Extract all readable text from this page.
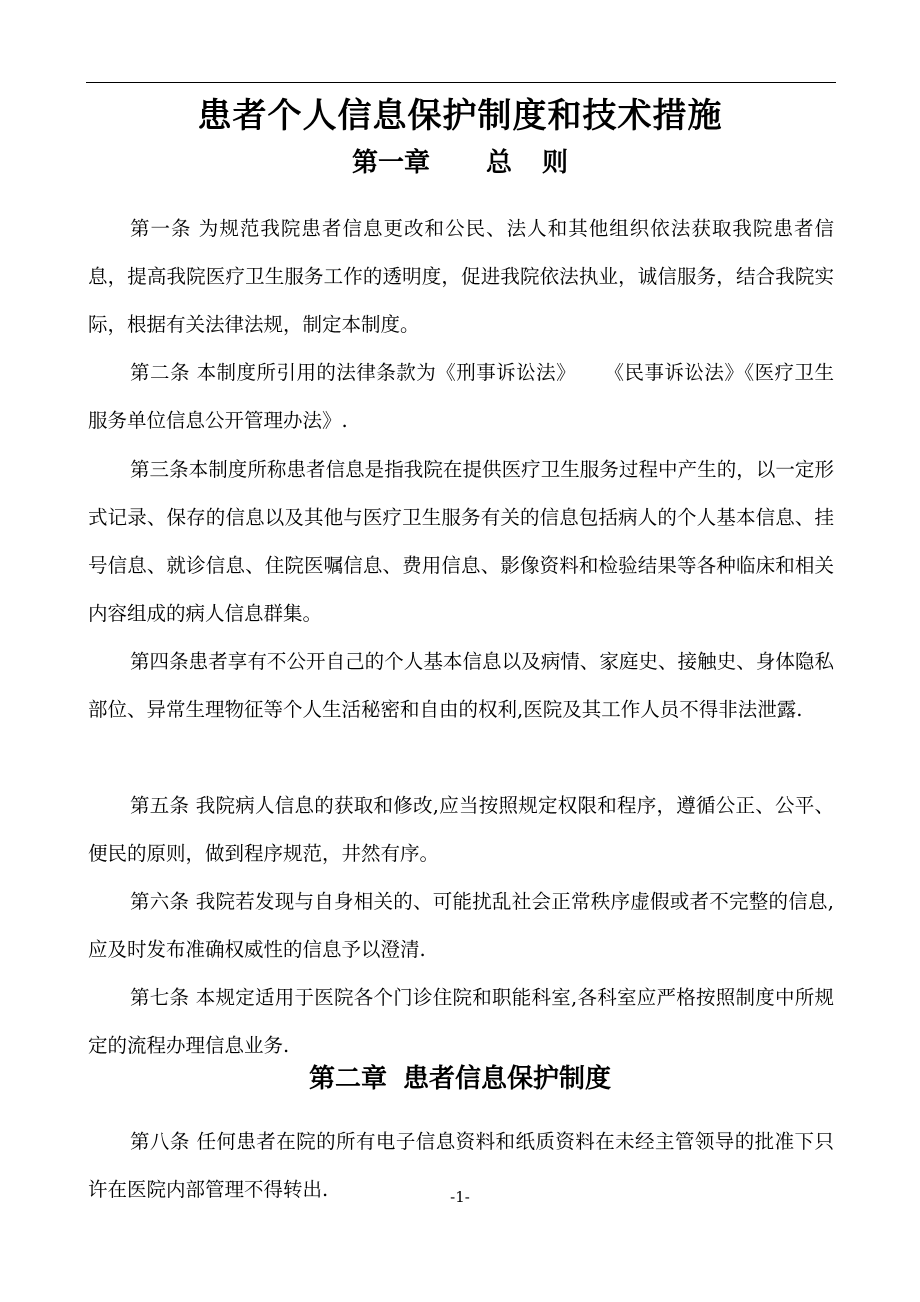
患者个人信息保护制度和技术措施
第一章 总 则

第一条 为规范我院患者信息更改和公民、法人和其他组织依法获取我院患者信息，提高我院医疗卫生服务工作的透明度，促进我院依法执业，诚信服务，结合我院实际，根据有关法律法规，制定本制度。

第二条 本制度所引用的法律条款为《刑事诉讼法》 《民事诉讼法》《医疗卫生服务单位信息公开管理办法》.

第三条本制度所称患者信息是指我院在提供医疗卫生服务过程中产生的，以一定形式记录、保存的信息以及其他与医疗卫生服务有关的信息包括病人的个人基本信息、挂号信息、就诊信息、住院医嘱信息、费用信息、影像资料和检验结果等各种临床和相关内容组成的病人信息群集。

第四条患者享有不公开自己的个人基本信息以及病情、家庭史、接触史、身体隐私部位、异常生理物征等个人生活秘密和自由的权利,医院及其工作人员不得非法泄露.

第五条 我院病人信息的获取和修改,应当按照规定权限和程序，遵循公正、公平、便民的原则，做到程序规范，井然有序。

第六条 我院若发现与自身相关的、可能扰乱社会正常秩序虚假或者不完整的信息,应及时发布准确权威性的信息予以澄清.

第七条 本规定适用于医院各个门诊住院和职能科室,各科室应严格按照制度中所规定的流程办理信息业务.

第二章 患者信息保护制度

第八条 任何患者在院的所有电子信息资料和纸质资料在未经主管领导的批准下只许在医院内部管理不得转出.	-1-
